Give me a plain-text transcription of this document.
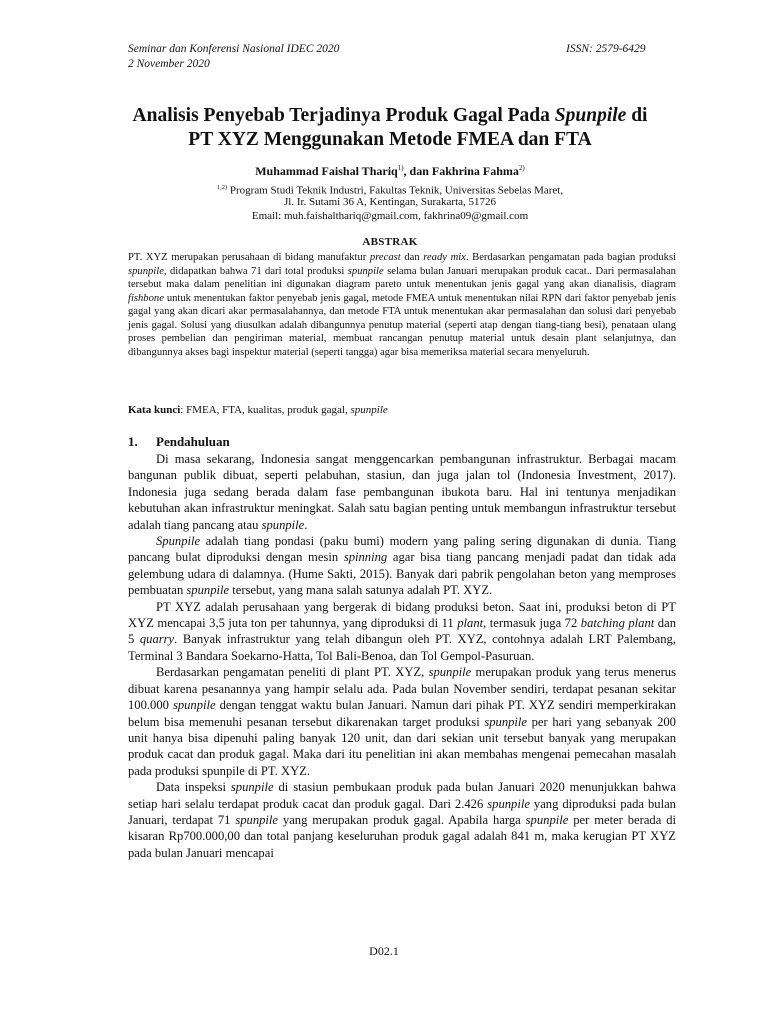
Seminar dan Konferensi Nasional IDEC 2020
2 November 2020
ISSN: 2579-6429
Analisis Penyebab Terjadinya Produk Gagal Pada Spunpile di
PT XYZ Menggunakan Metode FMEA dan FTA
Muhammad Faishal Thariq$^{1)}$, dan Fakhrina Fahma$^{2)}$
$^{1,2)}$ Program Studi Teknik Industri, Fakultas Teknik, Universitas Sebelas Maret,
Jl. Ir. Sutami 36 A, Kentingan, Surakarta, 51726
Email: muh.faishalthariq@gmail.com, fakhrina09@gmail.com
ABSTRAK

PT. XYZ merupakan perusahaan di bidang manufaktur precast dan ready mix. Berdasarkan pengamatan pada bagian produksi spunpile, didapatkan bahwa 71 dari total produksi spunpile selama bulan Januari merupakan produk cacat.. Dari permasalahan tersebut maka dalam penelitian ini digunakan diagram pareto untuk menentukan jenis gagal yang akan dianalisis, diagram fishbone untuk menentukan faktor penyebab jenis gagal, metode FMEA untuk menentukan nilai RPN dari faktor penyebab jenis gagal yang akan dicari akar permasalahannya, dan metode FTA untuk menentukan akar permasalahan dan solusi dari penyebab jenis gagal. Solusi yang diusulkan adalah dibangunnya penutup material (seperti atap dengan tiang-tiang besi), penataan ulang proses pembelian dan pengiriman material, membuat rancangan penutup material untuk desain plant selanjutnya, dan dibangunnya akses bagi inspektur material (seperti tangga) agar bisa memeriksa material secara menyeluruh.

Kata kunci: FMEA, FTA, kualitas, produk gagal, spunpile
1. Pendahuluan

Di masa sekarang, Indonesia sangat menggencarkan pembangunan infrastruktur. Berbagai macam bangunan publik dibuat, seperti pelabuhan, stasiun, dan juga jalan tol (Indonesia Investment, 2017). Indonesia juga sedang berada dalam fase pembangunan ibukota baru. Hal ini tentunya menjadikan kebutuhan akan infrastruktur meningkat. Salah satu bagian penting untuk membangun infrastruktur tersebut adalah tiang pancang atau spunpile.

Spunpile adalah tiang pondasi (paku bumi) modern yang paling sering digunakan di dunia. Tiang pancang bulat diproduksi dengan mesin spinning agar bisa tiang pancang menjadi padat dan tidak ada gelembung udara di dalamnya. (Hume Sakti, 2015). Banyak dari pabrik pengolahan beton yang memproses pembuatan spunpile tersebut, yang mana salah satunya adalah PT. XYZ.

PT XYZ adalah perusahaan yang bergerak di bidang produksi beton. Saat ini, produksi beton di PT XYZ mencapai 3,5 juta ton per tahunnya, yang diproduksi di 11 plant, termasuk juga 72 batching plant dan 5 quarry. Banyak infrastruktur yang telah dibangun oleh PT. XYZ, contohnya adalah LRT Palembang, Terminal 3 Bandara Soekarno-Hatta, Tol Bali-Benoa, dan Tol Gempol-Pasuruan.

Berdasarkan pengamatan peneliti di plant PT. XYZ, spunpile merupakan produk yang terus menerus dibuat karena pesanannya yang hampir selalu ada. Pada bulan November sendiri, terdapat pesanan sekitar 100.000 spunpile dengan tenggat waktu bulan Januari. Namun dari pihak PT. XYZ sendiri memperkirakan belum bisa memenuhi pesanan tersebut dikarenakan target produksi spunpile per hari yang sebanyak 200 unit hanya bisa dipenuhi paling banyak 120 unit, dan dari sekian unit tersebut banyak yang merupakan produk cacat dan produk gagal. Maka dari itu penelitian ini akan membahas mengenai pemecahan masalah pada produksi spunpile di PT. XYZ.

Data inspeksi spunpile di stasiun pembukaan produk pada bulan Januari 2020 menunjukkan bahwa setiap hari selalu terdapat produk cacat dan produk gagal. Dari 2.426 spunpile yang diproduksi pada bulan Januari, terdapat 71 spunpile yang merupakan produk gagal. Apabila harga spunpile per meter berada di kisaran Rp700.000,00 dan total panjang keseluruhan produk gagal adalah 841 m, maka kerugian PT XYZ pada bulan Januari mencapai

D02.1
